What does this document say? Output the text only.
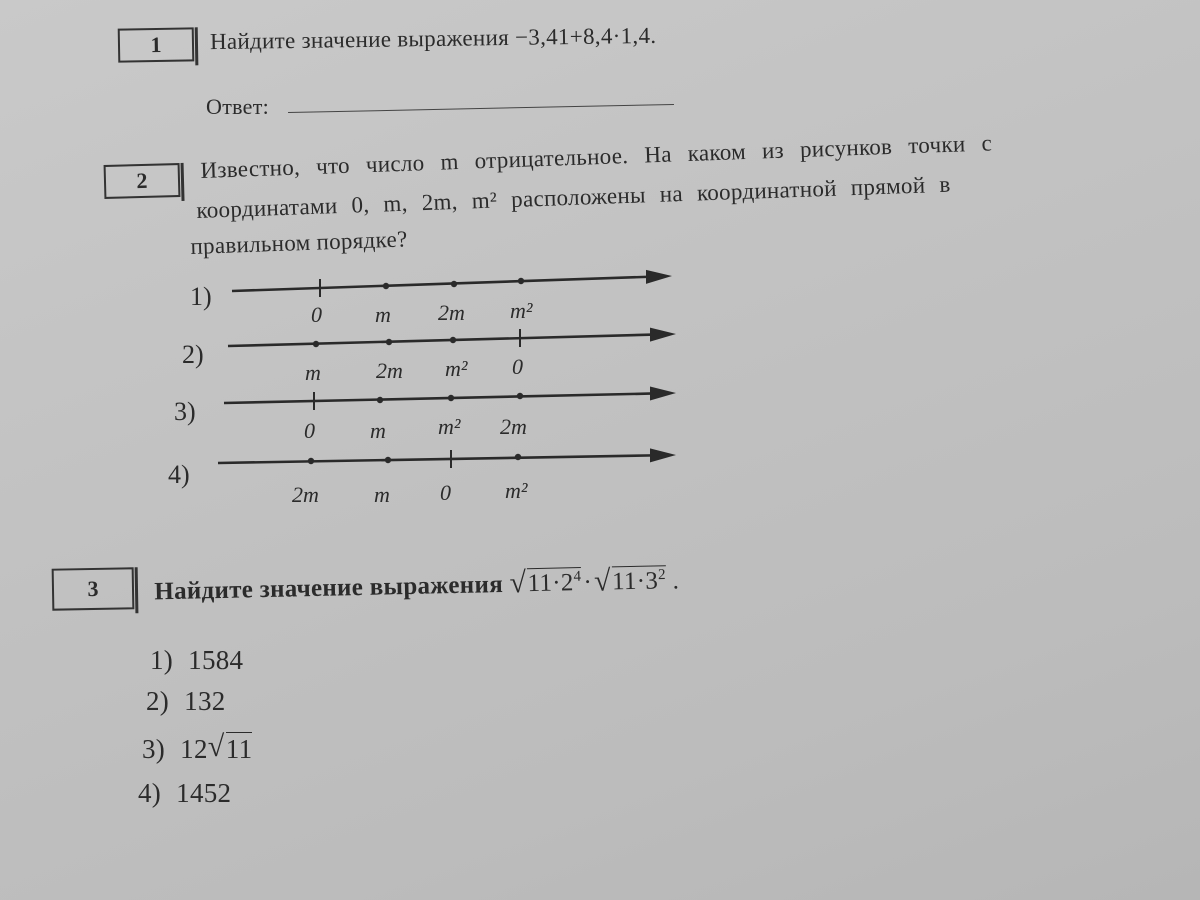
1 Найдите значение выражения −3,41+8,4·1,4.
Ответ:
2 Известно, что число m отрицательное. На каком из рисунков точки с
координатами 0, m, 2m, m² расположены на координатной прямой в
правильном порядке?
1)
2)
3)
4)
0 m 2m m²
m	2m m² 0
0	m m² 2m
2m	m 0 m²
3 Найдите значение выражения √ $11\cdot 2^4\cdot√$ $11\cdot 3^2$ .
1) 1584
2) 132
3) 12√ 11
4) 1452
